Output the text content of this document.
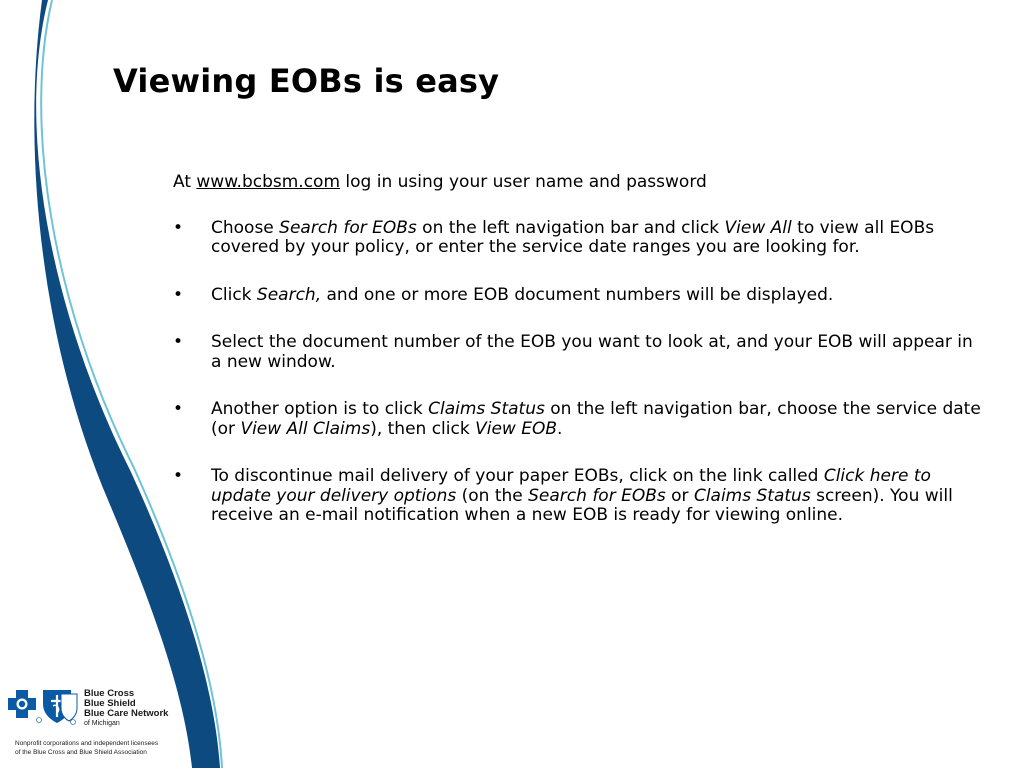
Viewing EOBs is easy

At www.bcbsm.com log in using your user name and password

• Choose Search for EOBs on the left navigation bar and click View All to view all EOBs covered by your policy, or enter the service date ranges you are looking for.
• Click Search, and one or more EOB document numbers will be displayed.
• Select the document number of the EOB you want to look at, and your EOB will appear in a new window.
• Another option is to click Claims Status on the left navigation bar, choose the service date (or View All Claims), then click View EOB.
• To discontinue mail delivery of your paper EOBs, click on the link called Click here to update your delivery options (on the Search for EOBs or Claims Status screen). You will receive an e-mail notification when a new EOB is ready for viewing online.
Blue Cross
Blue Shield
Blue Care Network
of Michigan
Nonprofit corporations and independent licensees
of the Blue Cross and Blue Shield Association
